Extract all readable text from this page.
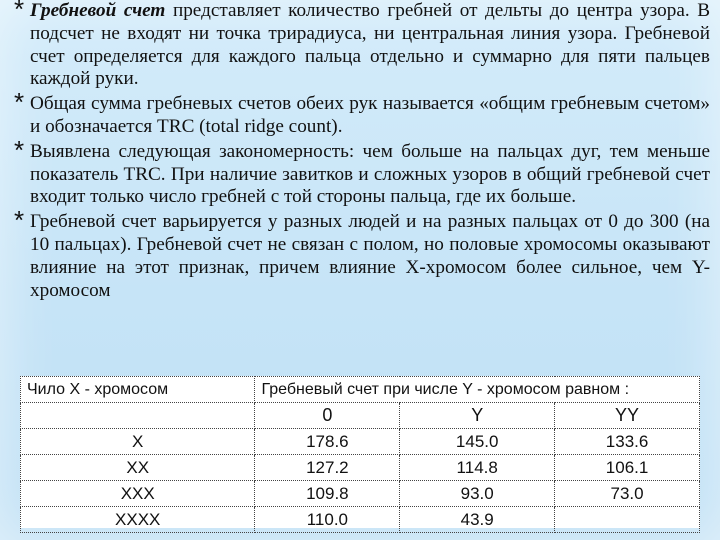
* Гребневой счет представляет количество гребней от дельты до центра узора. В подсчет не входят ни точка трирадиуса, ни центральная линия узора. Гребневой счет определяется для каждого пальца отдельно и суммарно для пяти пальцев каждой руки.

* Общая сумма гребневых счетов обеих рук называется «общим гребневым счетом» и обозначается TRC (total ridge count).

* Выявлена следующая закономерность: чем больше на пальцах дуг, тем меньше показатель TRC. При наличие завитков и сложных узоров в общий гребневой счет входит только число гребней с той стороны пальца, где их больше.

* Гребневой счет варьируется у разных людей и на разных пальцах от 0 до 300 (на 10 пальцах). Гребневой счет не связан с полом, но половые хромосомы оказывают влияние на этот признак, причем влияние X-хромосом более сильное, чем Y-хромосом

Чило X - хромосом	Гребневый счет при числе Y - хромосом равном :		
	0	Y	YY
X	178.6	145.0	133.6
XX	127.2	114.8	106.1
XXX	109.8	93.0	73.0
XXXX	110.0	43.9	
